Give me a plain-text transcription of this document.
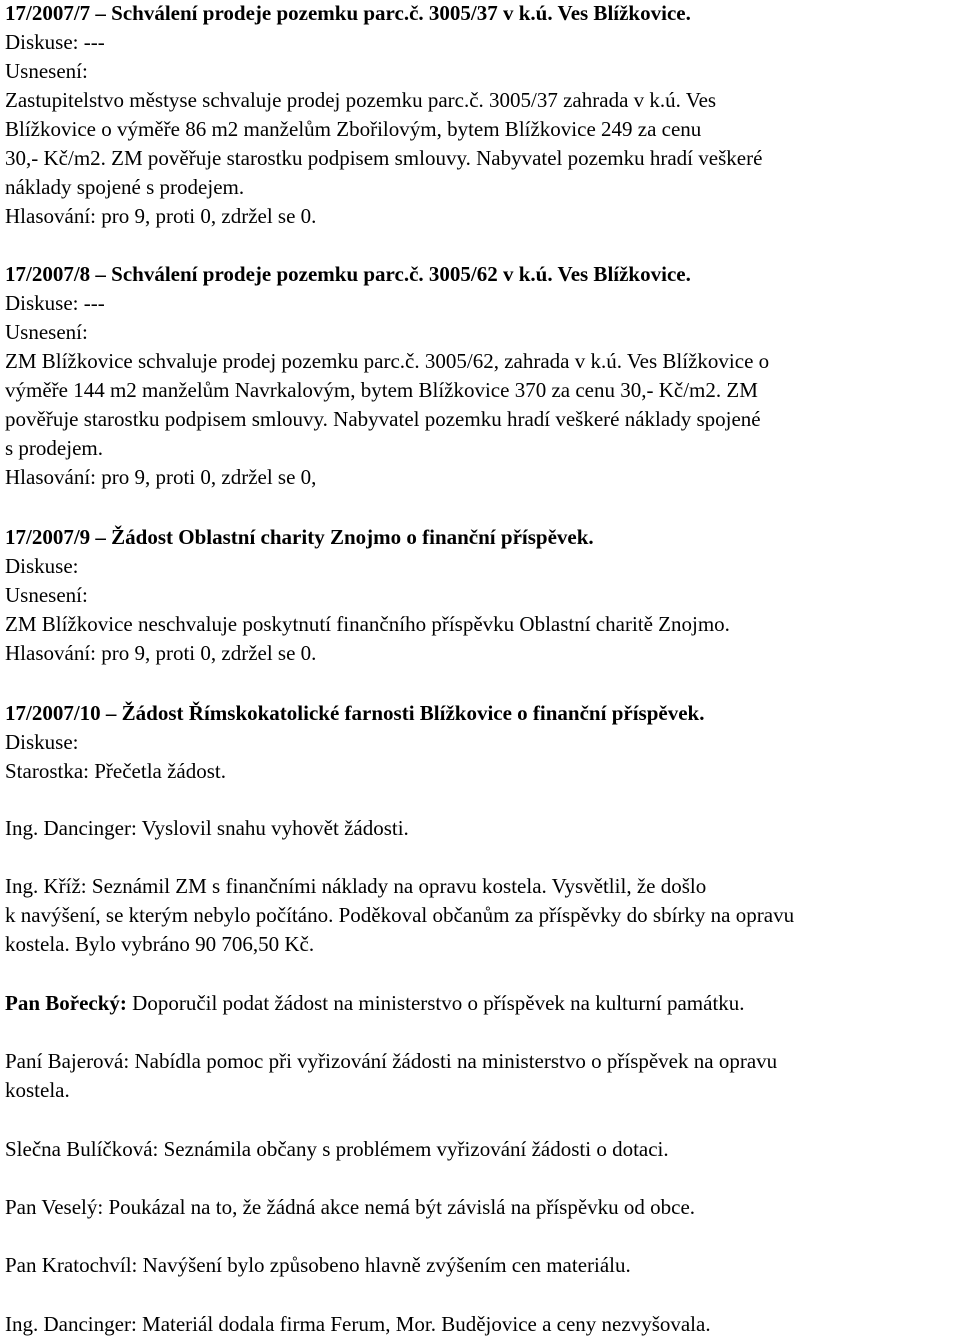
17/2007/7 – Schválení prodeje pozemku parc.č. 3005/37 v k.ú. Ves Blížkovice.
Diskuse: ---
Usnesení:
Zastupitelstvo městyse schvaluje prodej pozemku parc.č. 3005/37 zahrada v k.ú. Ves
Blížkovice o výměře 86 m2 manželům Zbořilovým, bytem Blížkovice 249 za cenu
30,- Kč/m2. ZM pověřuje starostku podpisem smlouvy. Nabyvatel pozemku hradí veškeré
náklady spojené s prodejem.
Hlasování: pro 9, proti 0, zdržel se 0.
17/2007/8 – Schválení prodeje pozemku parc.č. 3005/62 v k.ú. Ves Blížkovice.
Diskuse: ---
Usnesení:
ZM Blížkovice schvaluje prodej pozemku parc.č. 3005/62, zahrada v k.ú. Ves Blížkovice o
výměře 144 m2 manželům Navrkalovým, bytem Blížkovice 370 za cenu 30,- Kč/m2. ZM
pověřuje starostku podpisem smlouvy. Nabyvatel pozemku hradí veškeré náklady spojené
s prodejem.
Hlasování: pro 9, proti 0, zdržel se 0,
17/2007/9 – Žádost Oblastní charity Znojmo o finanční příspěvek.
Diskuse:
Usnesení:
ZM Blížkovice neschvaluje poskytnutí finančního příspěvku Oblastní charitě Znojmo.
Hlasování: pro 9, proti 0, zdržel se 0.
17/2007/10 – Žádost Římskokatolické farnosti Blížkovice o finanční příspěvek.
Diskuse:
Starostka: Přečetla žádost.
Ing. Dancinger: Vyslovil snahu vyhovět žádosti.
Ing. Kříž: Seznámil ZM s finančními náklady na opravu kostela. Vysvětlil, že došlo
k navýšení, se kterým nebylo počítáno. Poděkoval občanům za příspěvky do sbírky na opravu
kostela. Bylo vybráno 90 706,50 Kč.
Pan Bořecký: Doporučil podat žádost na ministerstvo o příspěvek na kulturní památku.
Paní Bajerová: Nabídla pomoc při vyřizování žádosti na ministerstvo o příspěvek na opravu
kostela.
Slečna Bulíčková: Seznámila občany s problémem vyřizování žádosti o dotaci.
Pan Veselý: Poukázal na to, že žádná akce nemá být závislá na příspěvku od obce.
Pan Kratochvíl: Navýšení bylo způsobeno hlavně zvýšením cen materiálu.
Ing. Dancinger: Materiál dodala firma Ferum, Mor. Budějovice a ceny nezvyšovala.
